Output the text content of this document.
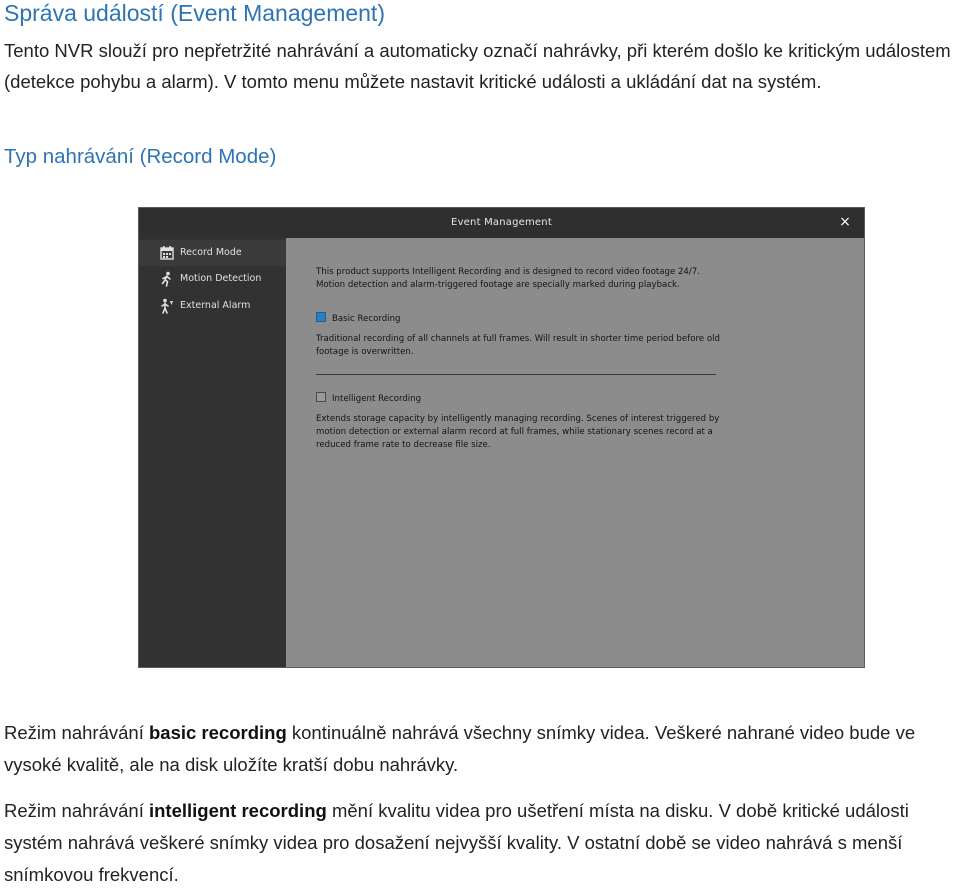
Správa událostí (Event Management)
Tento NVR slouží pro nepřetržité nahrávání a automaticky označí nahrávky, při kterém došlo ke kritickým událostem (detekce pohybu a alarm). V tomto menu můžete nastavit kritické události a ukládání dat na systém.
Typ nahrávání (Record Mode)
Event Management	×
Record Mode
Motion Detection
External Alarm
This product supports Intelligent Recording and is designed to record video footage 24/7. Motion detection and alarm-triggered footage are specially marked during playback.
Basic Recording
Traditional recording of all channels at full frames. Will result in shorter time period before old footage is overwritten.
Intelligent Recording
Extends storage capacity by intelligently managing recording. Scenes of interest triggered by motion detection or external alarm record at full frames, while stationary scenes record at a reduced frame rate to decrease file size.
Režim nahrávání basic recording kontinuálně nahrává všechny snímky videa. Veškeré nahrané video bude ve vysoké kvalitě, ale na disk uložíte kratší dobu nahrávky.
Režim nahrávání intelligent recording mění kvalitu videa pro ušetření místa na disku. V době kritické události systém nahrává veškeré snímky videa pro dosažení nejvyšší kvality. V ostatní době se video nahrává s menší snímkovou frekvencí.
